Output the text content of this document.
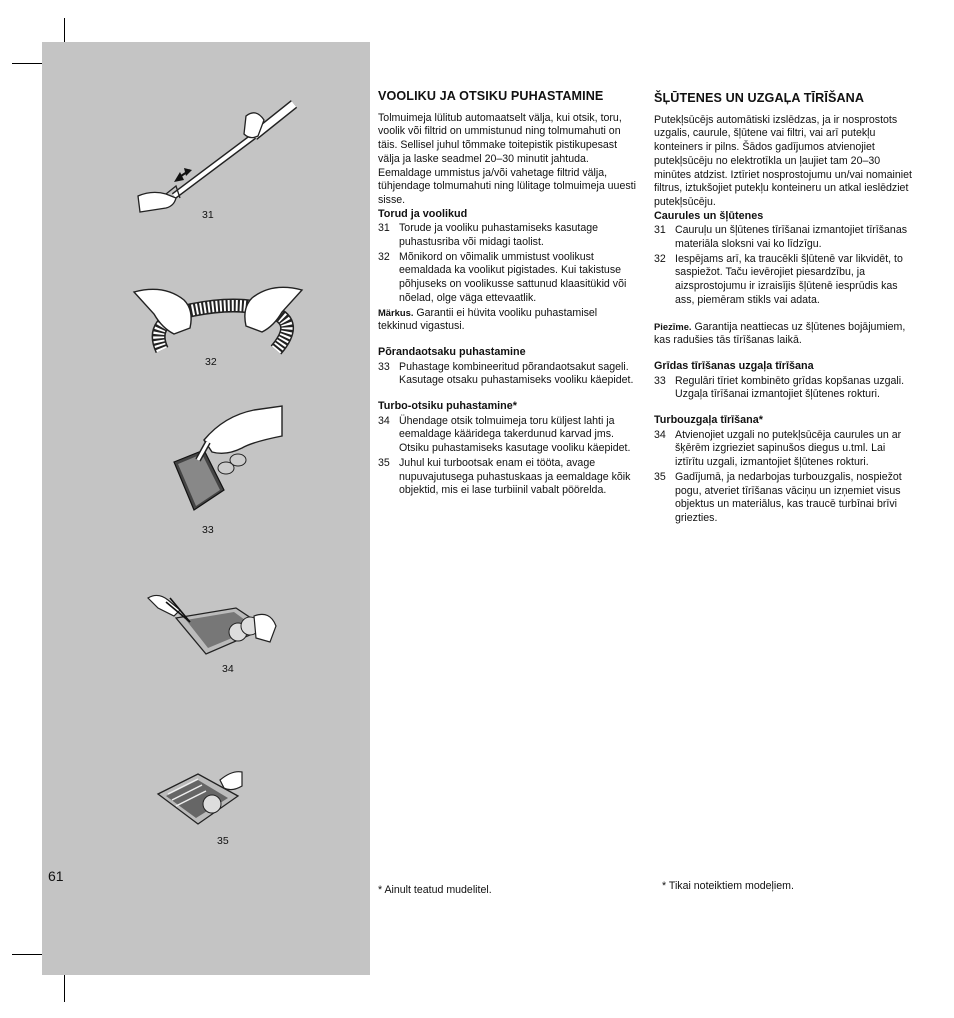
31
32
33
34
35
61
VOOLIKU JA OTSIKU PUHASTAMINE

Tolmuimeja lülitub automaatselt välja, kui otsik, toru, voolik või filtrid on ummistunud ning tolmumahuti on täis. Sellisel juhul tõmmake toitepistik pistikupesast välja ja laske seadmel 20–30 minutit jahtuda. Eemaldage ummistus ja/või vahetage filtrid välja, tühjendage tolmumahuti ning lülitage tolmuimeja uuesti sisse.

Torud ja voolikud
31 Torude ja vooliku puhastamiseks kasutage puhastusriba või midagi taolist.
32 Mõnikord on võimalik ummistust voolikust eemaldada ka voolikut pigistades. Kui takistuse põhjuseks on voolikusse sattunud klaasitükid või nõelad, olge väga ettevaatlik.

Märkus. Garantii ei hüvita vooliku puhastamisel tekkinud vigastusi.

Põrandaotsaku puhastamine
33 Puhastage kombineeritud põrandaotsakut sageli. Kasutage otsaku puhastamiseks vooliku käepidet.
Turbo-otsiku puhastamine*
34 Ühendage otsik tolmuimeja toru küljest lahti ja eemaldage kääridega takerdunud karvad jms. Otsiku puhastamiseks kasutage vooliku käepidet.
35 Juhul kui turbootsak enam ei tööta, avage nupuvajutusega puhastuskaas ja eemaldage kõik objektid, mis ei lase turbiinil vabalt pöörelda.
* Ainult teatud mudelitel.
ŠĻŪTENES UN UZGAĻA TĪRĪŠANA

Putekļsūcējs automātiski izslēdzas, ja ir nosprostots uzgalis, caurule, šļūtene vai filtri, vai arī putekļu konteiners ir pilns. Šādos gadījumos atvienojiet putekļsūcēju no elektrotīkla un ļaujiet tam 20–30 minūtes atdzist. Iztīriet nosprostojumu un/vai nomainiet filtrus, iztukšojiet putekļu konteineru un atkal ieslēdziet putekļsūcēju.

Caurules un šļūtenes
31 Cauruļu un šļūtenes tīrīšanai izmantojiet tīrīšanas materiāla sloksni vai ko līdzīgu.
32 Iespējams arī, ka traucēkli šļūtenē var likvidēt, to saspiežot. Taču ievērojiet piesardzību, ja aizsprostojumu ir izraisījis šļūtenē iesprūdis kas ass, piemēram stikls vai adata.

Piezīme. Garantija neattiecas uz šļūtenes bojājumiem, kas radušies tās tīrīšanas laikā.

Grīdas tīrīšanas uzgaļa tīrīšana
33 Regulāri tīriet kombinēto grīdas kopšanas uzgali. Uzgaļa tīrīšanai izmantojiet šļūtenes rokturi.
Turbouzgaļa tīrīšana*
34 Atvienojiet uzgali no putekļsūcēja caurules un ar šķērēm izgrieziet sapinušos diegus u.tml. Lai iztīrītu uzgali, izmantojiet šļūtenes rokturi.
35 Gadījumā, ja nedarbojas turbouzgalis, nospiežot pogu, atveriet tīrīšanas vāciņu un izņemiet visus objektus un materiālus, kas traucē turbīnai brīvi griezties.
* Tikai noteiktiem modeļiem.
